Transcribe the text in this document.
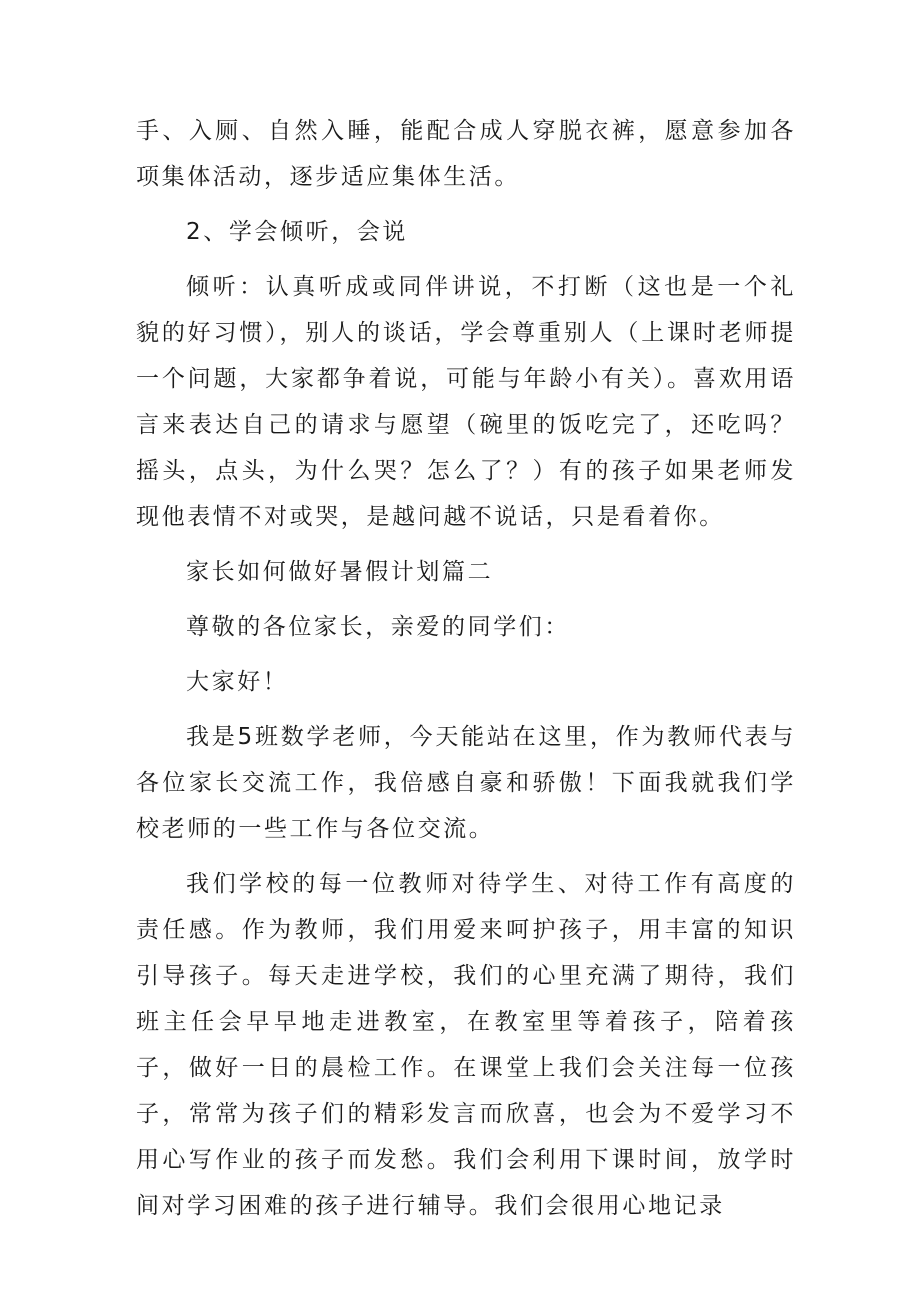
手、入厕、自然入睡，能配合成人穿脱衣裤，愿意参加各项集体活动，逐步适应集体生活。

2、学会倾听，会说

倾听：认真听成或同伴讲说，不打断（这也是一个礼貌的好习惯），别人的谈话，学会尊重别人（上课时老师提一个问题，大家都争着说，可能与年龄小有关）。喜欢用语言来表达自己的请求与愿望（碗里的饭吃完了，还吃吗？摇头，点头，为什么哭？怎么了？）有的孩子如果老师发现他表情不对或哭，是越问越不说话，只是看着你。

家长如何做好暑假计划篇二

尊敬的各位家长，亲爱的同学们：

大家好！

我是5班数学老师，今天能站在这里，作为教师代表与各位家长交流工作，我倍感自豪和骄傲！下面我就我们学校老师的一些工作与各位交流。

我们学校的每一位教师对待学生、对待工作有高度的责任感。作为教师，我们用爱来呵护孩子，用丰富的知识引导孩子。每天走进学校，我们的心里充满了期待，我们班主任会早早地走进教室，在教室里等着孩子，陪着孩子，做好一日的晨检工作。在课堂上我们会关注每一位孩子，常常为孩子们的精彩发言而欣喜，也会为不爱学习不用心写作业的孩子而发愁。我们会利用下课时间，放学时间对学习困难的孩子进行辅导。我们会很用心地记录
